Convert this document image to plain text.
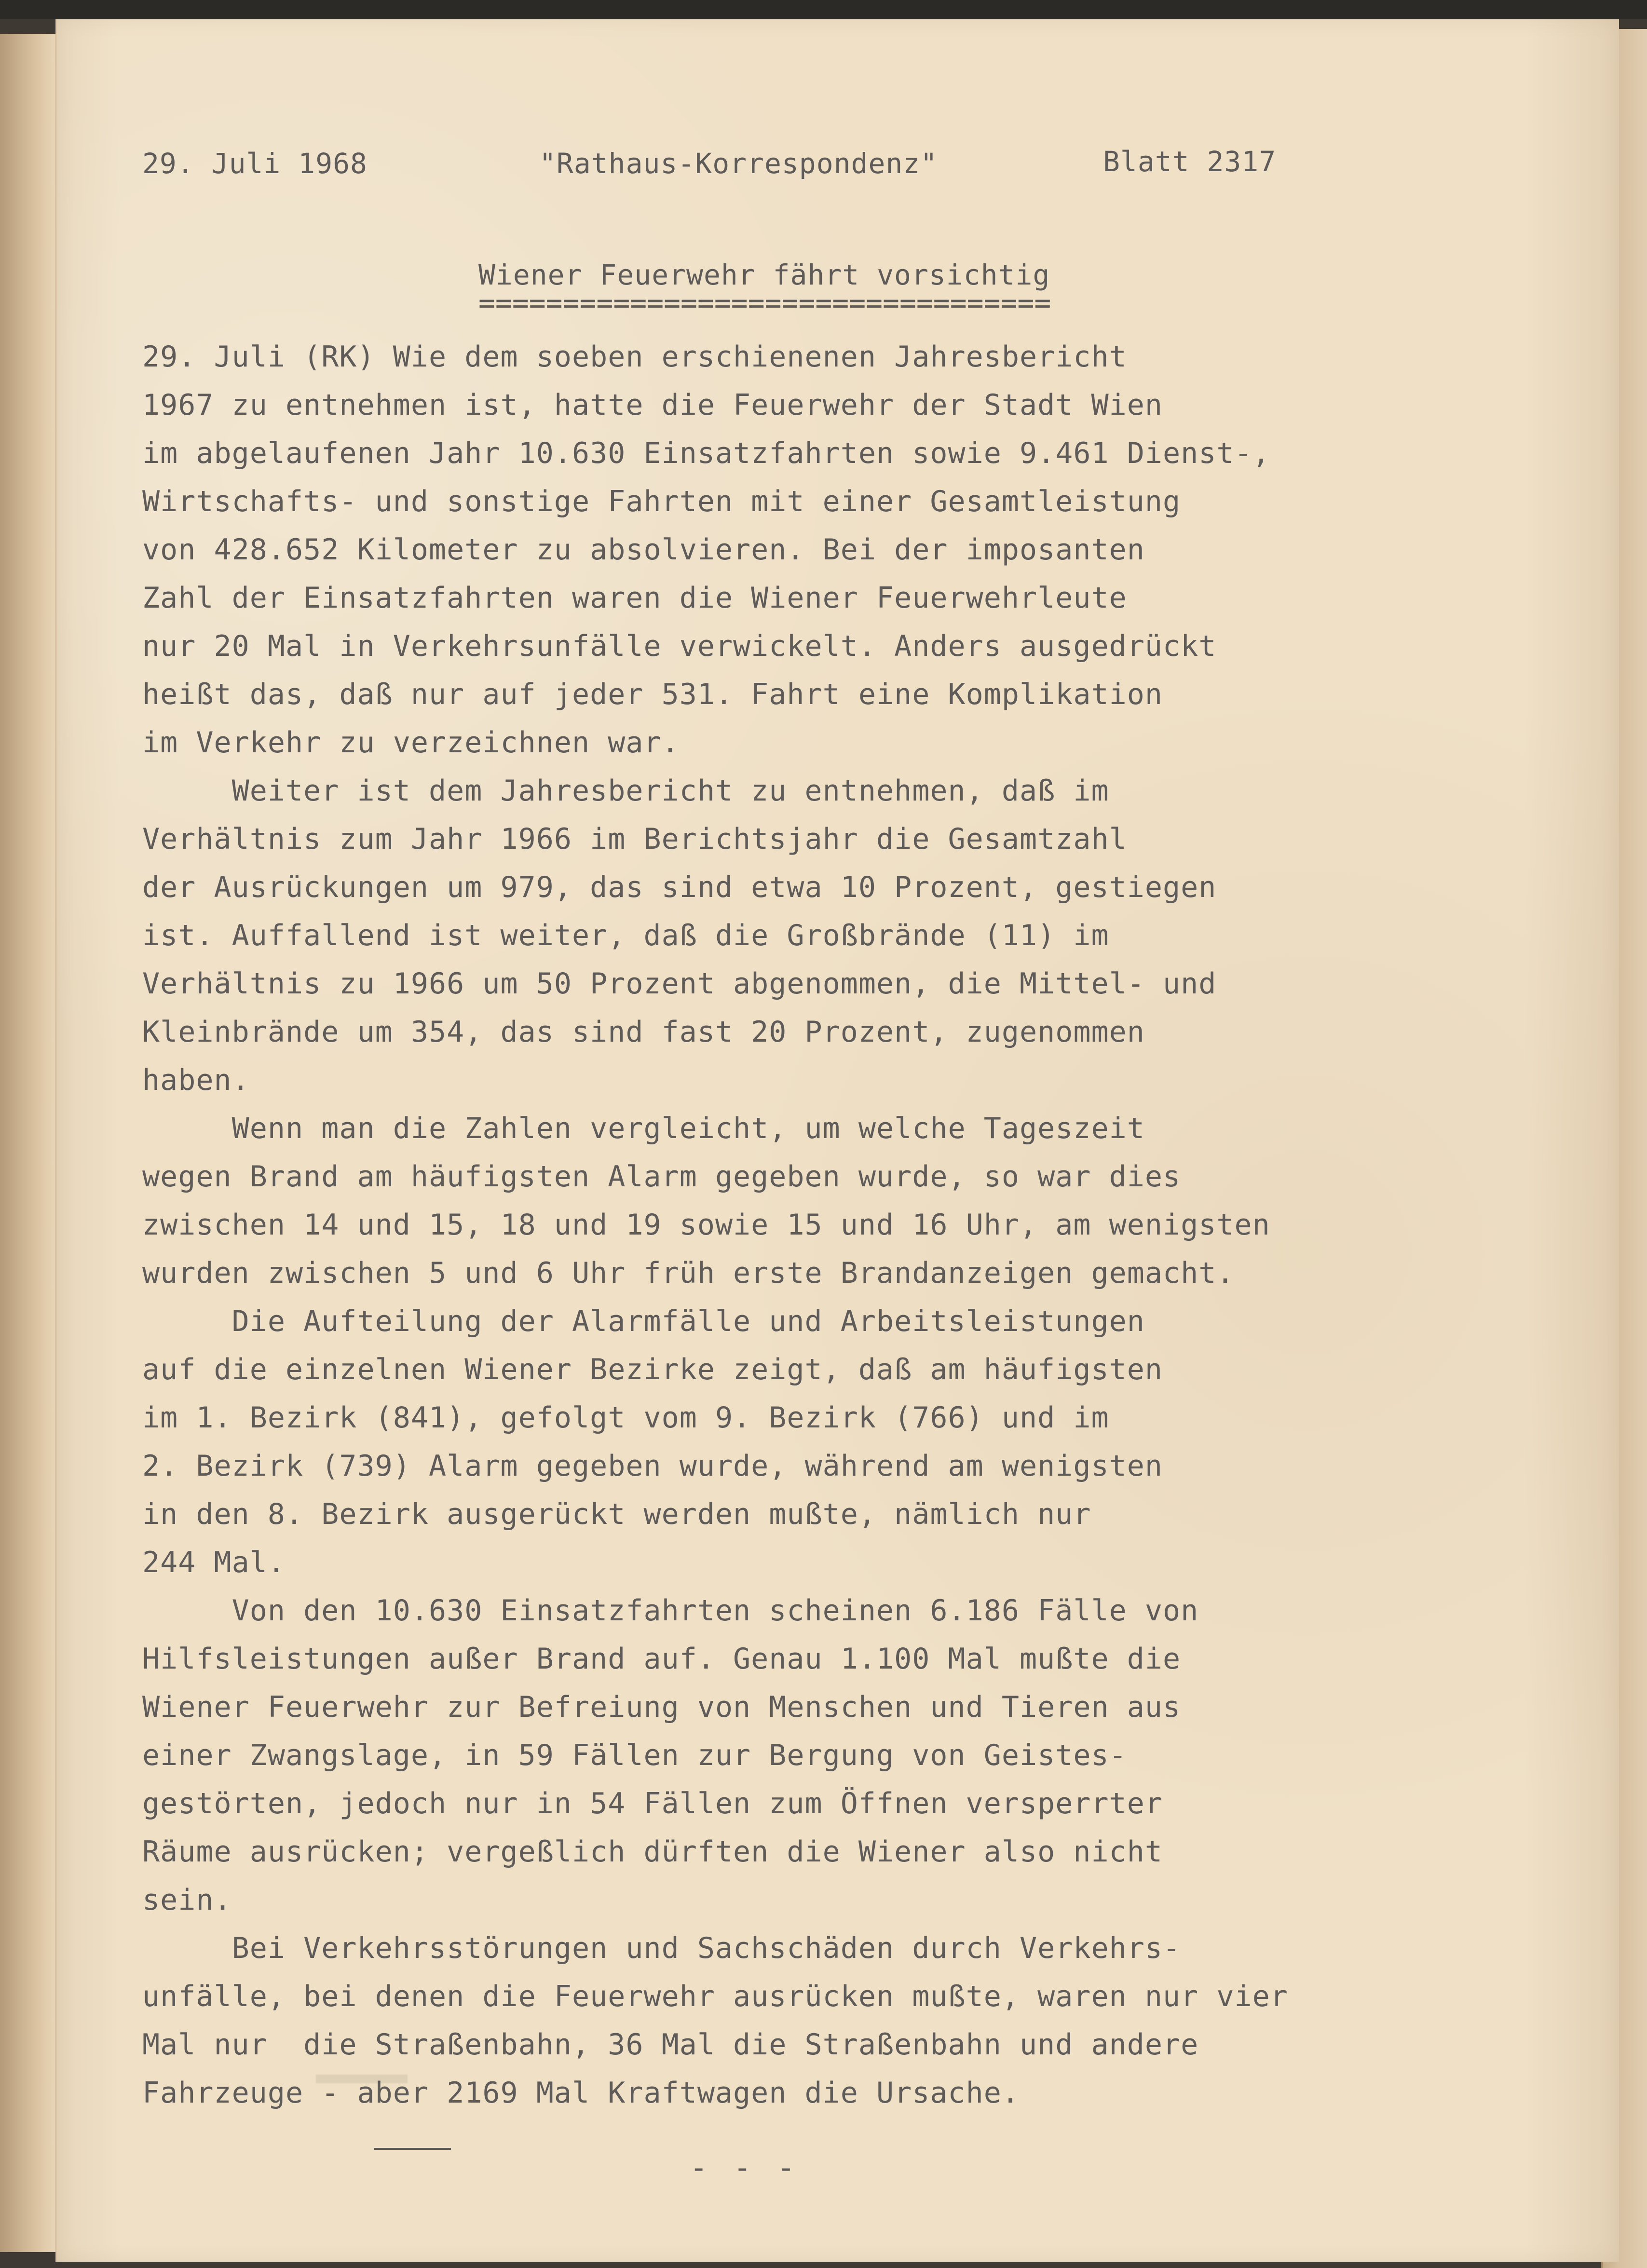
29. Juli 1968	"Rathaus-Korrespondenz"	Blatt 2317

Wiener Feuerwehr fährt vorsichtig

==================================

29. Juli (RK) Wie dem soeben erschienenen Jahresbericht
1967 zu entnehmen ist, hatte die Feuerwehr der Stadt Wien
im abgelaufenen Jahr 10.630 Einsatzfahrten sowie 9.461 Dienst-,
Wirtschafts- und sonstige Fahrten mit einer Gesamtleistung
von 428.652 Kilometer zu absolvieren. Bei der imposanten
Zahl der Einsatzfahrten waren die Wiener Feuerwehrleute
nur 20 Mal in Verkehrsunfälle verwickelt. Anders ausgedrückt
heißt das, daß nur auf jeder 531. Fahrt eine Komplikation
im Verkehr zu verzeichnen war.
Weiter ist dem Jahresbericht zu entnehmen, daß im
Verhältnis zum Jahr 1966 im Berichtsjahr die Gesamtzahl
der Ausrückungen um 979, das sind etwa 10 Prozent, gestiegen
ist. Auffallend ist weiter, daß die Großbrände (11) im
Verhältnis zu 1966 um 50 Prozent abgenommen, die Mittel- und
Kleinbrände um 354, das sind fast 20 Prozent, zugenommen
haben.
Wenn man die Zahlen vergleicht, um welche Tageszeit
wegen Brand am häufigsten Alarm gegeben wurde, so war dies
zwischen 14 und 15, 18 und 19 sowie 15 und 16 Uhr, am wenigsten
wurden zwischen 5 und 6 Uhr früh erste Brandanzeigen gemacht.
Die Aufteilung der Alarmfälle und Arbeitsleistungen
auf die einzelnen Wiener Bezirke zeigt, daß am häufigsten
im 1. Bezirk (841), gefolgt vom 9. Bezirk (766) und im
2. Bezirk (739) Alarm gegeben wurde, während am wenigsten
in den 8. Bezirk ausgerückt werden mußte, nämlich nur
244 Mal.
Von den 10.630 Einsatzfahrten scheinen 6.186 Fälle von
Hilfsleistungen außer Brand auf. Genau 1.100 Mal mußte die
Wiener Feuerwehr zur Befreiung von Menschen und Tieren aus
einer Zwangslage, in 59 Fällen zur Bergung von Geistes-
gestörten, jedoch nur in 54 Fällen zum Öffnen versperrter
Räume ausrücken; vergeßlich dürften die Wiener also nicht
sein.
Bei Verkehrsstörungen und Sachschäden durch Verkehrs-
unfälle, bei denen die Feuerwehr ausrücken mußte, waren nur vier
Mal nur  die Straßenbahn, 36 Mal die Straßenbahn und andere
Fahrzeuge - aber 2169 Mal Kraftwagen die Ursache.

- - -
